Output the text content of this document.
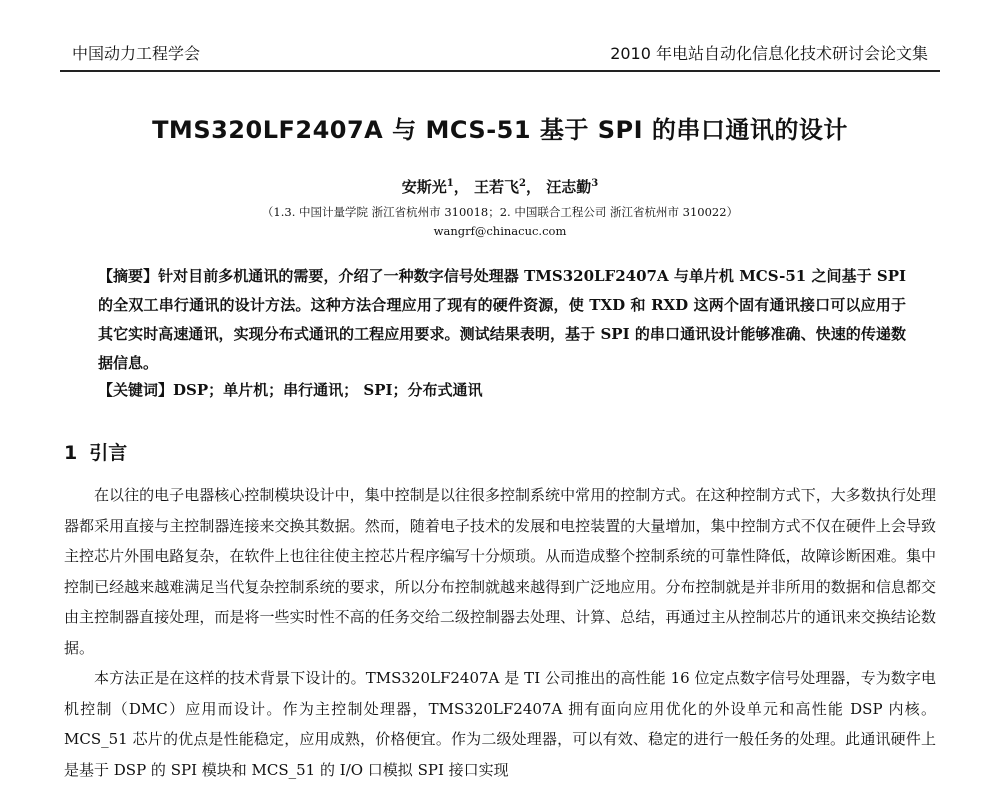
中国动力工程学会	2010 年电站自动化信息化技术研讨会论文集
TMS320LF2407A 与 MCS-51 基于 SPI 的串口通讯的设计
安斯光$^1$， 王若飞$^2$， 汪志勤$^3$
（1.3. 中国计量学院 浙江省杭州市 310018；2. 中国联合工程公司 浙江省杭州市 310022）
wangrf@chinacuc.com
【摘要】针对目前多机通讯的需要，介绍了一种数字信号处理器 TMS320LF2407A 与单片机 MCS-51 之间基于 SPI 的全双工串行通讯的设计方法。这种方法合理应用了现有的硬件资源，使 TXD 和 RXD 这两个固有通讯接口可以应用于其它实时高速通讯，实现分布式通讯的工程应用要求。测试结果表明，基于 SPI 的串口通讯设计能够准确、快速的传递数据信息。
【关键词】DSP；单片机；串行通讯； SPI；分布式通讯
1 引言

在以往的电子电器核心控制模块设计中，集中控制是以往很多控制系统中常用的控制方式。在这种控制方式下，大多数执行处理器都采用直接与主控制器连接来交换其数据。然而，随着电子技术的发展和电控装置的大量增加，集中控制方式不仅在硬件上会导致主控芯片外围电路复杂，在软件上也往往使主控芯片程序编写十分烦琐。从而造成整个控制系统的可靠性降低，故障诊断困难。集中控制已经越来越难满足当代复杂控制系统的要求，所以分布控制就越来越得到广泛地应用。分布控制就是并非所用的数据和信息都交由主控制器直接处理，而是将一些实时性不高的任务交给二级控制器去处理、计算、总结，再通过主从控制芯片的通讯来交换结论数据。

本方法正是在这样的技术背景下设计的。TMS320LF2407A 是 TI 公司推出的高性能 16 位定点数字信号处理器，专为数字电机控制（DMC）应用而设计。作为主控制处理器，TMS320LF2407A 拥有面向应用优化的外设单元和高性能 DSP 内核。MCS_51 芯片的优点是性能稳定，应用成熟，价格便宜。作为二级处理器，可以有效、稳定的进行一般任务的处理。此通讯硬件上是基于 DSP 的 SPI 模块和 MCS_51 的 I/O 口模拟 SPI 接口实现
